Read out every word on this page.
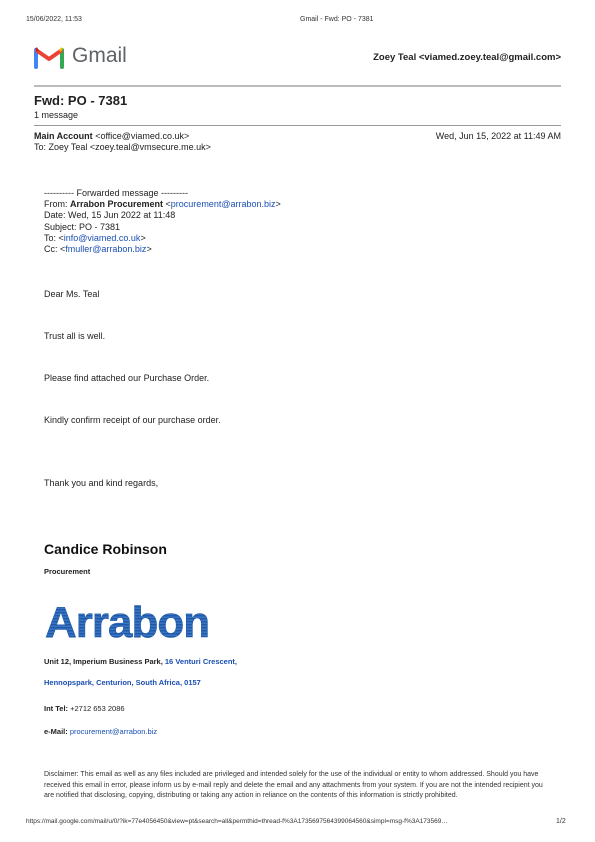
15/06/2022, 11:53	Gmail - Fwd: PO - 7381
Gmail	Zoey Teal <viamed.zoey.teal@gmail.com>
Fwd: PO - 7381
1 message
Main Account <office@viamed.co.uk>	Wed, Jun 15, 2022 at 11:49 AM
To: Zoey Teal <zoey.teal@vmsecure.me.uk>
---------- Forwarded message ---------
From: Arrabon Procurement <procurement@arrabon.biz>
Date: Wed, 15 Jun 2022 at 11:48
Subject: PO - 7381
To: <info@viamed.co.uk>
Cc: <fmuller@arrabon.biz>
Dear Ms. Teal
Trust all is well.
Please find attached our Purchase Order.
Kindly confirm receipt of our purchase order.
Thank you and kind regards,
Candice Robinson
Procurement
Arrabon
Unit 12, Imperium Business Park, 16 Venturi Crescent,
Hennopspark, Centurion, South Africa, 0157
Int Tel: +2712 653 2086
e-Mail: procurement@arrabon.biz
Disclaimer: This email as well as any files included are privileged and intended solely for the use of the individual or entity to whom addressed. Should you have received this email in error, please inform us by e-mail reply and delete the email and any attachments from your system. If you are not the intended recipient you are notified that disclosing, copying, distributing or taking any action in reliance on the contents of this information is strictly prohibited.
https://mail.google.com/mail/u/0/?ik=77e4056450&view=pt&search=all&permthid=thread-f%3A1735697564399064560&simpl=msg-f%3A173569…	1/2
